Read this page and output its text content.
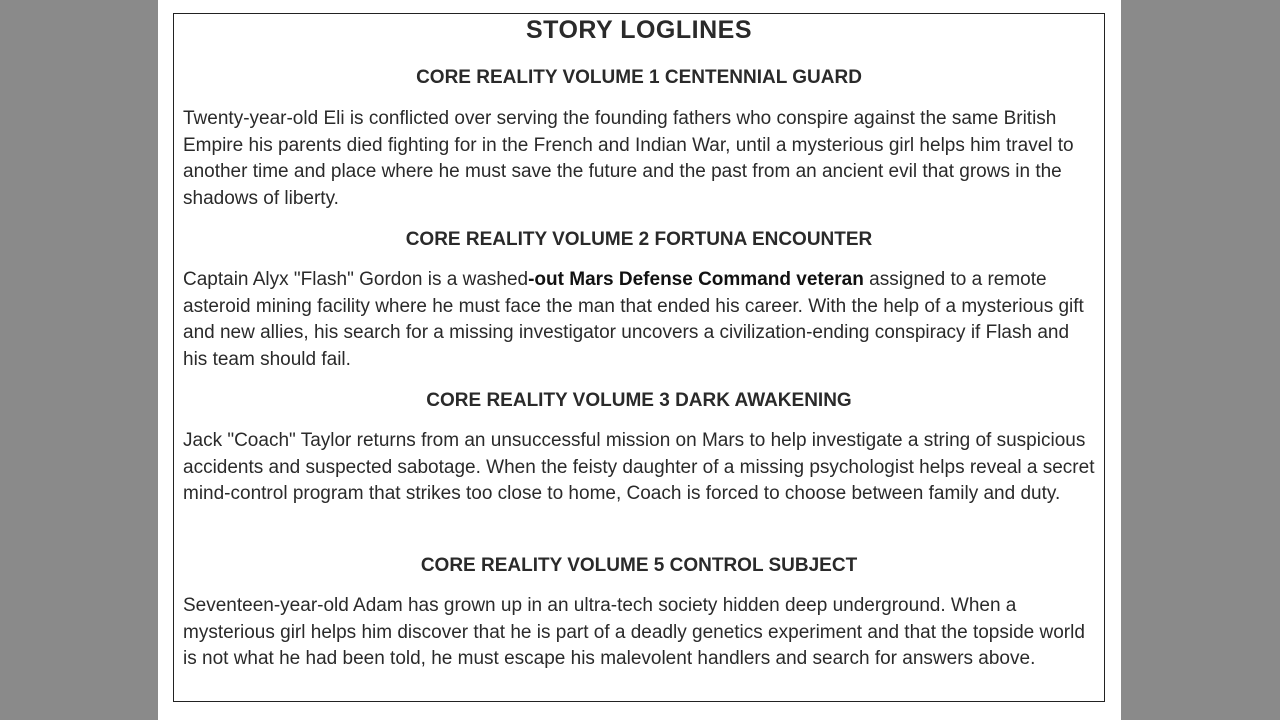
STORY LOGLINES
CORE REALITY VOLUME 1 CENTENNIAL GUARD
Twenty-year-old Eli is conflicted over serving the founding fathers who conspire against the same British Empire his parents died fighting for in the French and Indian War, until a mysterious girl helps him travel to another time and place where he must save the future and the past from an ancient evil that grows in the shadows of liberty.
CORE REALITY VOLUME 2 FORTUNA ENCOUNTER
Captain Alyx "Flash" Gordon is a washed-out Mars Defense Command veteran assigned to a remote asteroid mining facility where he must face the man that ended his career. With the help of a mysterious gift and new allies, his search for a missing investigator uncovers a civilization-ending conspiracy if Flash and his team should fail.
CORE REALITY VOLUME 3 DARK AWAKENING
Jack "Coach" Taylor returns from an unsuccessful mission on Mars to help investigate a string of suspicious accidents and suspected sabotage. When the feisty daughter of a missing psychologist helps reveal a secret mind-control program that strikes too close to home, Coach is forced to choose between family and duty.
CORE REALITY VOLUME 5 CONTROL SUBJECT
Seventeen-year-old Adam has grown up in an ultra-tech society hidden deep underground. When a mysterious girl helps him discover that he is part of a deadly genetics experiment and that the topside world is not what he had been told, he must escape his malevolent handlers and search for answers above.
